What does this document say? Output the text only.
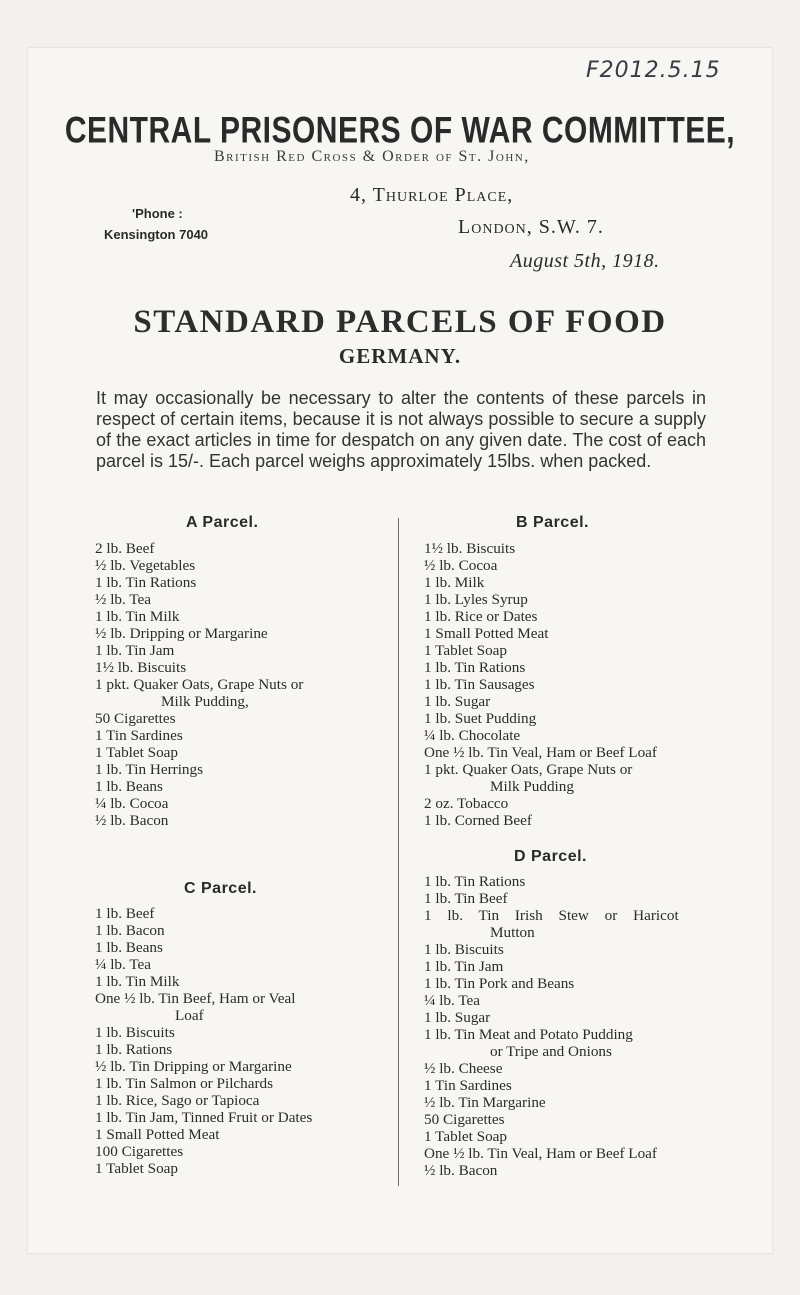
F2012.5.15
CENTRAL PRISONERS OF WAR COMMITTEE,
British Red Cross & Order of St. John,
4, Thurloe Place,
London, S.W. 7.
August 5th, 1918.
'Phone :
Kensington 7040
STANDARD PARCELS OF FOOD
GERMANY.
It may occasionally be necessary to alter the contents of these parcels in respect of certain items, because it is not always possible to secure a supply of the exact articles in time for despatch on any given date. The cost of each parcel is 15/-. Each parcel weighs approximately 15lbs. when packed.
A Parcel.
2 lb. Beef
½ lb. Vegetables
1 lb. Tin Rations
½ lb. Tea
1 lb. Tin Milk
½ lb. Dripping or Margarine
1 lb. Tin Jam
1½ lb. Biscuits
1 pkt. Quaker Oats, Grape Nuts or
Milk Pudding,
50 Cigarettes
1 Tin Sardines
1 Tablet Soap
1 lb. Tin Herrings
1 lb. Beans
¼ lb. Cocoa
½ lb. Bacon
B Parcel.
1½ lb. Biscuits
½ lb. Cocoa
1 lb. Milk
1 lb. Lyles Syrup
1 lb. Rice or Dates
1 Small Potted Meat
1 Tablet Soap
1 lb. Tin Rations
1 lb. Tin Sausages
1 lb. Sugar
1 lb. Suet Pudding
¼ lb. Chocolate
One ½ lb. Tin Veal, Ham or Beef Loaf
1 pkt. Quaker Oats, Grape Nuts or
Milk Pudding
2 oz. Tobacco
1 lb. Corned Beef
C Parcel.
1 lb. Beef
1 lb. Bacon
1 lb. Beans
¼ lb. Tea
1 lb. Tin Milk
One ½ lb. Tin Beef, Ham or Veal
Loaf
1 lb. Biscuits
1 lb. Rations
½ lb. Tin Dripping or Margarine
1 lb. Tin Salmon or Pilchards
1 lb. Rice, Sago or Tapioca
1 lb. Tin Jam, Tinned Fruit or Dates
1 Small Potted Meat
100 Cigarettes
1 Tablet Soap
D Parcel.
1 lb. Tin Rations
1 lb. Tin Beef
1 lb. Tin Irish Stew or Haricot
Mutton
1 lb. Biscuits
1 lb. Tin Jam
1 lb. Tin Pork and Beans
¼ lb. Tea
1 lb. Sugar
1 lb. Tin Meat and Potato Pudding
or Tripe and Onions
½ lb. Cheese
1 Tin Sardines
½ lb. Tin Margarine
50 Cigarettes
1 Tablet Soap
One ½ lb. Tin Veal, Ham or Beef Loaf
½ lb. Bacon
